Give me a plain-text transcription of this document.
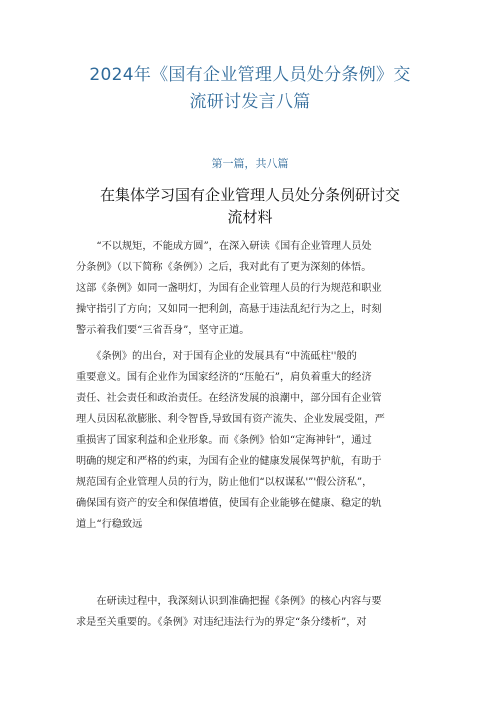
2024年《国有企业管理人员处分条例》交
流研讨发言八篇
第一篇，共八篇
在集体学习国有企业管理人员处分条例研讨交
流材料
　　“不以规矩，不能成方圆”，在深入研读《国有企业管理人员处
分条例》（以下简称《条例》）之后，我对此有了更为深刻的体悟。
这部《条例》如同一盏明灯，为国有企业管理人员的行为规范和职业
操守指引了方向；又如同一把利剑，高悬于违法乱纪行为之上，时刻
警示着我们要“三省吾身”，坚守正道。
　　《条例》的出台，对于国有企业的发展具有“中流砥柱''般的
重要意义。国有企业作为国家经济的“压舱石”，肩负着重大的经济
责任、社会责任和政治责任。在经济发展的浪潮中，部分国有企业管
理人员因私欲膨胀、利令智昏,导致国有资产流失、企业发展受阻，严
重损害了国家利益和企业形象。而《条例》恰如“定海神针”，通过
明确的规定和严格的约束，为国有企业的健康发展保驾护航，有助于
规范国有企业管理人员的行为，防止他们“以权谋私'”'假公济私”，
确保国有资产的安全和保值增值，使国有企业能够在健康、稳定的轨
道上“行稳致远
　　在研读过程中，我深刻认识到准确把握《条例》的核心内容与要
求是至关重要的。《条例》对违纪违法行为的界定“条分缕析”，对
